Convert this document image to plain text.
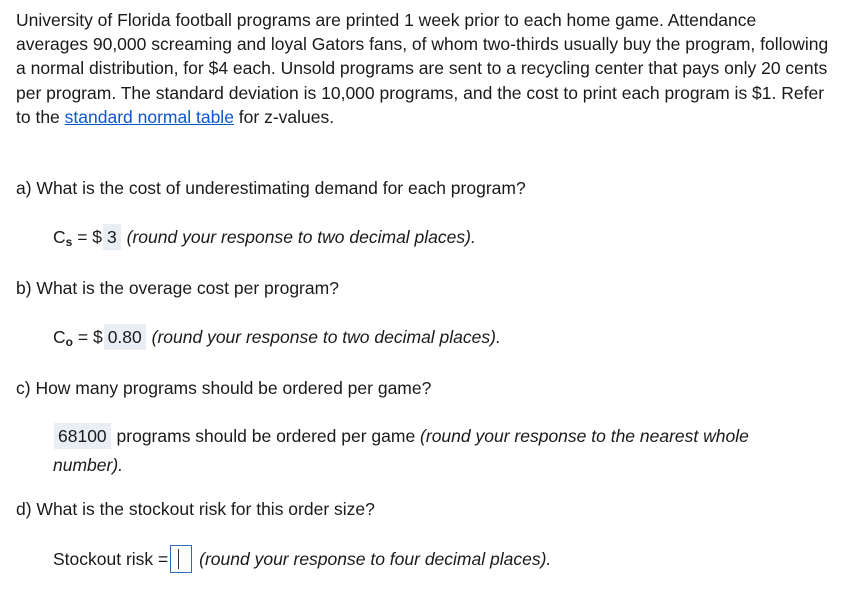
University of Florida football programs are printed 1 week prior to each home game. Attendance averages 90,000 screaming and loyal Gators fans, of whom two-thirds usually buy the program, following a normal distribution, for $4 each. Unsold programs are sent to a recycling center that pays only 20 cents per program. The standard deviation is 10,000 programs, and the cost to print each program is $1. Refer to the standard normal table for z-values.

a) What is the cost of underestimating demand for each program?

$C_s$ = $ 3 (round your response to two decimal places).

b) What is the overage cost per program?

$C_o$ = $ 0.80 (round your response to two decimal places).

c) How many programs should be ordered per game?

68100 programs should be ordered per game (round your response to the nearest whole number).

d) What is the stockout risk for this order size?

Stockout risk = (round your response to four decimal places).
